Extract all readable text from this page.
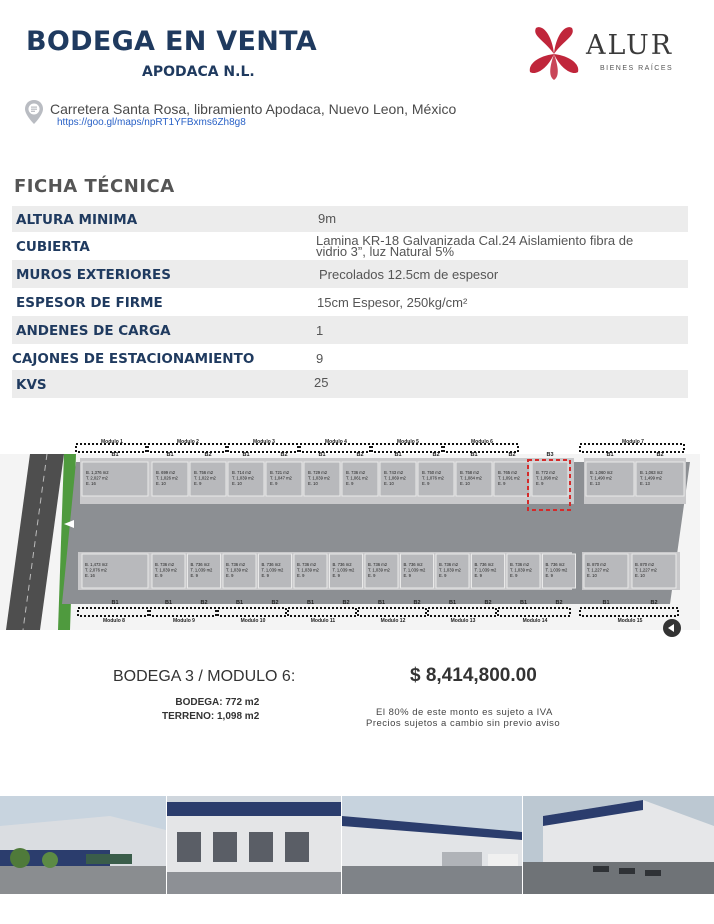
BODEGA EN VENTA
APODACA N.L.
ALUR
BIENES RAÍCES
Carretera Santa Rosa, libramiento Apodaca, Nuevo Leon, México
https://goo.gl/maps/npRT1YFBxms6Zh8g8
FICHA TÉCNICA
ALTURA MINIMA	9m
CUBIERTA	Lamina KR-18 Galvanizada Cal.24 Aislamiento fibra de
vidrio 3”, luz Natural 5%
MUROS EXTERIORES	Precolados 12.5cm de espesor
ESPESOR DE FIRME	15cm Espesor, 250kg/cm²
ANDENES DE CARGA	1
CAJONES DE ESTACIONAMIENTO	9
KVS	25
B. 1,376 m2
T. 2,027 m2
E. 16
B. 699 m2
T. 1,026 m2
E. 10
B. 756 m2
T. 1,022 m2
E. 9
B. 714 m2
T. 1,039 m2
E. 10
B. 721 m2
T. 1,047 m2
E. 9
B. 729 m2
T. 1,039 m2
E. 10
B. 736 m2
T. 1,061 m2
E. 9
B. 743 m2
T. 1,069 m2
E. 10
B. 750 m2
T. 1,076 m2
E. 9
B. 758 m2
T. 1,084 m2
E. 10
B. 765 m2
T. 1,091 m2
E. 9
B. 772 m2
T. 1,098 m2
E. 9
B. 1,060 m2
T. 1,490 m2
E. 13
B. 1,063 m2
T. 1,499 m2
E. 13
B1	B1	B2	B1	B2	B1	B2	B1	B2	B1	B2	B3	B1	B2
Modulo 1	Modulo 2	Modulo 3	Modulo 4	Modulo 5	Modulo 6	Modulo 7
B. 1,473 m2
T. 2,076 m2
E. 16
B1
B. 736 m2
T. 1,039 m2
E. 9
B1
B. 736 m2
T. 1,039 m2
E. 9
B2
B. 736 m2
T. 1,039 m2
E. 9
B1
B. 736 m2
T. 1,039 m2
E. 9
B2
B. 736 m2
T. 1,039 m2
E. 9
B1
B. 736 m2
T. 1,039 m2
E. 9
B2
B. 736 m2
T. 1,039 m2
E. 9
B1
B. 736 m2
T. 1,039 m2
E. 9
B2
B. 736 m2
T. 1,039 m2
E. 9
B1
B. 736 m2
T. 1,039 m2
E. 9
B2
B. 736 m2
T. 1,039 m2
E. 9
B1
B. 736 m2
T. 1,039 m2
E. 9
B2
B. 870 m2
T. 1,227 m2
E. 10
B1
B. 870 m2
T. 1,227 m2
E. 10
B2
Modulo 8	Modulo 9	Modulo 10	Modulo 11	Modulo 12	Modulo 13	Modulo 14	Modulo 15
BODEGA 3 / MODULO 6:
BODEGA: 772 m2
TERRENO: 1,098 m2
$ 8,414,800.00
El 80% de este monto es sujeto a IVA
Precios sujetos a cambio sin previo aviso
